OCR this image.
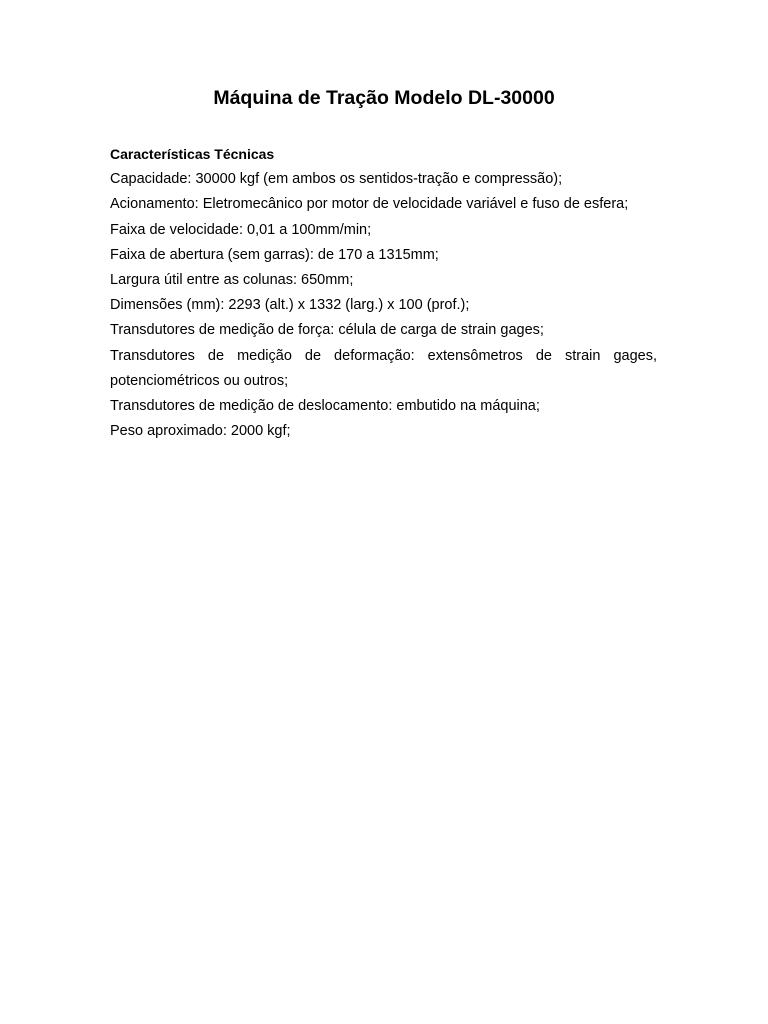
Máquina de Tração Modelo DL-30000

Características Técnicas

Capacidade: 30000 kgf (em ambos os sentidos-tração e compressão);
Acionamento: Eletromecânico por motor de velocidade variável e fuso de esfera;
Faixa de velocidade: 0,01 a 100mm/min;
Faixa de abertura (sem garras): de 170 a 1315mm;
Largura útil entre as colunas: 650mm;
Dimensões (mm): 2293 (alt.) x 1332 (larg.) x 100 (prof.);
Transdutores de medição de força: célula de carga de strain gages;
Transdutores de medição de deformação: extensômetros de strain gages, potenciométricos ou outros;
Transdutores de medição de deslocamento: embutido na máquina;
Peso aproximado: 2000 kgf;
